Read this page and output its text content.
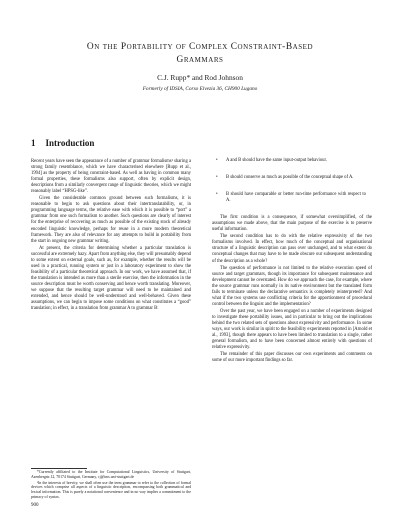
On the Portability of Complex Constraint-Based
Grammars
C.J. Rupp* and Rod Johnson
Formerly of IDSIA, Corso Elvezia 36, CH900 Lugano
1 Introduction

Recent years have seen the appearance of a number of grammar formalisms¹ sharing a strong family resemblance, which we have characterised elsewhere [Rupp et al., 1994] as the property of being constraint-based. As well as having in common many formal properties, these formalisms also support, often by explicit design, descriptions from a similarly convergent range of linguistic theories, which we might reasonably label “HPSG-like”.

Given the considerable common ground between such formalisms, it is reasonable to begin to ask questions about their intertranslatability, or, in programming language terms, the relative ease with which it is possible to “port” a grammar from one such formalism to another. Such questions are clearly of interest for the enterprise of recovering as much as possible of the existing stock of already encoded linguistic knowledge, perhaps for reuse in a more modern theoretical framework. They are also of relevance for any attempts to build in portability from the start in ongoing new grammar writing.

At present, the criteria for determining whether a particular translation is successful are extremely hazy. Apart from anything else, they will presumably depend to some extent on external goals, such as, for example, whether the results will be used in a practical, running system or just in a laboratory experiment to show the feasibility of a particular theoretical approach. In our work, we have assumed that, if the translation is intended as more than a sterile exercise, then the information in the source description must be worth conserving and hence worth translating. Moreover, we suppose that the resulting target grammar will need to be maintained and extended, and hence should be well-understood and well-behaved. Given these assumptions, we can begin to impose some conditions on what constitutes a “good” translation; in effect, in a translation from grammar A to grammar B:

• A and B should have the same input-output behaviour.
• B should conserve as much as possible of the conceptual shape of A.
• B should have comparable or better run-time performance with respect to A.

The first condition is a consequence, if somewhat oversimplified, of the assumptions we made above, that the main purpose of the exercise is to preserve useful information.

The second condition has to do with the relative expressivity of the two formalisms involved. In effect, how much of the conceptual and organisational structure of a linguistic description can pass over unchanged, and to what extent do conceptual changes that may have to be made obscure our subsequent understanding of the description as a whole?

The question of performance is not limited to the relative execution speed of source and target grammars, though its importance for subsequent maintenance and development cannot be overstated. How do we approach the case, for example, where the source grammar runs normally in its native environment but the translated form fails to terminate unless the declarative semantics is completely reinterpreted? And what if the two systems use conflicting criteria for the apportionment of procedural control between the linguist and the implementation?

Over the past year, we have been engaged on a number of experiments designed to investigate these portability issues, and in particular to bring out the implications behind the two related sets of questions about expressivity and performance. In some ways, our work is similar in spirit to the feasibility experiments reported in [Arnold et al., 1993], though there appears to have been limited to translation to a single, rather general formalism, and to have been concerned almost entirely with questions of relative expressivity.

The remainder of this paper discusses our own experiments and comments on some of our more important findings so far.

*Currently affiliated to the Institute for Computational Linguistics, University of Stuttgart, Azenbergstr.12, 70174 Stuttgart, Germany, cj@ims.uni-stuttgart.de

¹In the interests of brevity, we shall often use the term grammar to refer to the collection of formal devices which comprise all aspects of a linguistic description, encompassing both grammatical and lexical information. This is purely a notational convenience and in no way implies a commitment to the primacy of syntax.

900
